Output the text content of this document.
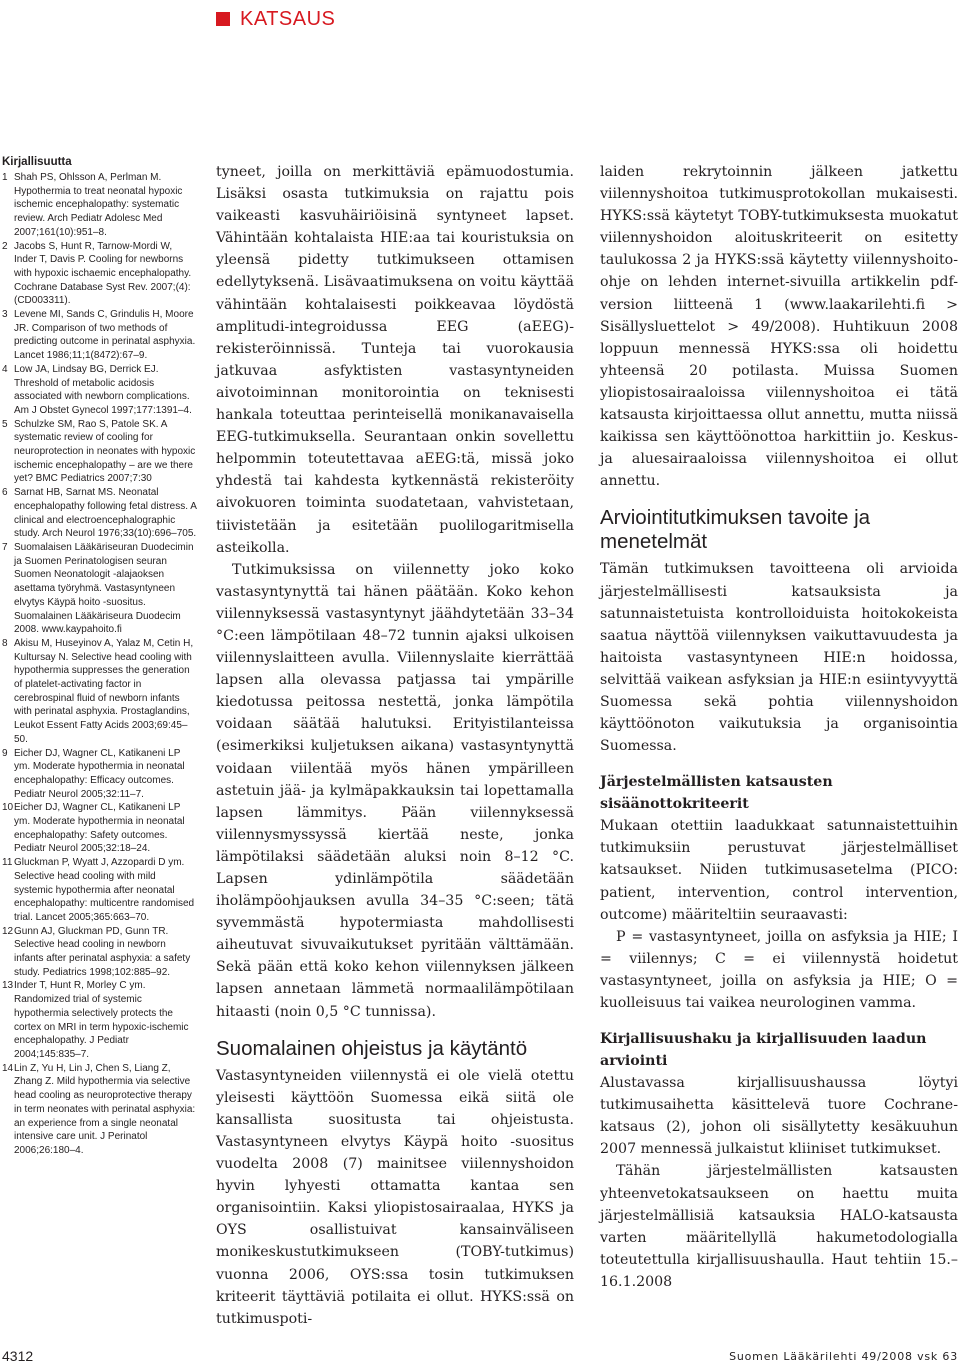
KATSAUS
Kirjallisuutta
1 Shah PS, Ohlsson A, Perlman M. Hypothermia to treat neonatal hypoxic ischemic encephalopathy: systematic review. Arch Pediatr Adolesc Med 2007;161(10):951–8.
2 Jacobs S, Hunt R, Tarnow-Mordi W, Inder T, Davis P. Cooling for newborns with hypoxic ischaemic encephalopathy. Cochrane Database Syst Rev. 2007;(4):(CD003311).
3 Levene MI, Sands C, Grindulis H, Moore JR. Comparison of two methods of predicting outcome in perinatal asphyxia. Lancet 1986;11;1(8472):67–9.
4 Low JA, Lindsay BG, Derrick EJ. Threshold of metabolic acidosis associated with newborn complications. Am J Obstet Gynecol 1997;177:1391–4.
5 Schulzke SM, Rao S, Patole SK. A systematic review of cooling for neuroprotection in neonates with hypoxic ischemic encephalopathy – are we there yet? BMC Pediatrics 2007;7:30
6 Sarnat HB, Sarnat MS. Neonatal encephalopathy following fetal distress. A clinical and electroencephalographic study. Arch Neurol 1976;33(10):696–705.
7 Suomalaisen Lääkäriseuran Duodecimin ja Suomen Perinatologisen seuran Suomen Neonatologit -alajaoksen asettama työryhmä. Vastasyntyneen elvytys Käypä hoito -suositus. Suomalainen Lääkäriseura Duodecim 2008. www.kaypahoito.fi
8 Akisu M, Huseyinov A, Yalaz M, Cetin H, Kultursay N. Selective head cooling with hypothermia suppresses the generation of platelet-activating factor in cerebrospinal fluid of newborn infants with perinatal asphyxia. Prostaglandins, Leukot Essent Fatty Acids 2003;69:45–50.
9 Eicher DJ, Wagner CL, Katikaneni LP ym. Moderate hypothermia in neonatal encephalopathy: Efficacy outcomes. Pediatr Neurol 2005;32:11–7.
10 Eicher DJ, Wagner CL, Katikaneni LP ym. Moderate hypothermia in neonatal encephalopathy: Safety outcomes. Pediatr Neurol 2005;32:18–24.
11 Gluckman P, Wyatt J, Azzopardi D ym. Selective head cooling with mild systemic hypothermia after neonatal encephalopathy: multicentre randomised trial. Lancet 2005;365:663–70.
12 Gunn AJ, Gluckman PD, Gunn TR. Selective head cooling in newborn infants after perinatal asphyxia: a safety study. Pediatrics 1998;102:885–92.
13 Inder T, Hunt R, Morley C ym. Randomized trial of systemic hypothermia selectively protects the cortex on MRI in term hypoxic-ischemic encephalopathy. J Pediatr 2004;145:835–7.
14 Lin Z, Yu H, Lin J, Chen S, Liang Z, Zhang Z. Mild hypothermia via selective head cooling as neuroprotective therapy in term neonates with perinatal asphyxia: an experience from a single neonatal intensive care unit. J Perinatol 2006;26:180–4.

tyneet, joilla on merkittäviä epämuodostumia. Lisäksi osasta tutkimuksia on rajattu pois vaikeasti kasvuhäiriöisinä syntyneet lapset. Vähintään kohtalaista HIE:aa tai kouristuksia on yleensä pidetty tutkimukseen ottamisen edellytyksenä. Lisävaatimuksena on voitu käyttää vähintään kohtalaisesti poikkeavaa löydöstä amplitudi-integroidussa EEG (aEEG)-rekisteröinnissä. Tunteja tai vuorokausia jatkuvaa asfyktisten vastasyntyneiden aivotoiminnan monitorointia on teknisesti hankala toteuttaa perinteisellä monikanavaisella EEG-tutkimuksella. Seurantaan onkin sovellettu helpommin toteutettavaa aEEG:tä, missä joko yhdestä tai kahdesta kytkennästä rekisteröity aivokuoren toiminta suodatetaan, vahvistetaan, tiivistetään ja esitetään puolilogaritmisella asteikolla.

Tutkimuksissa on viilennetty joko koko vastasyntynyttä tai hänen päätään. Koko kehon viilennyksessä vastasyntynyt jäähdytetään 33–34 °C:een lämpötilaan 48–72 tunnin ajaksi ulkoisen viilennyslaitteen avulla. Viilennyslaite kierrättää lapsen alla olevassa patjassa tai ympärille kiedotussa peitossa nestettä, jonka lämpötila voidaan säätää halutuksi. Erityistilanteissa (esimerkiksi kuljetuksen aikana) vastasyntynyttä voidaan viilentää myös hänen ympärilleen astetuin jää- ja kylmäpakkauksin tai lopettamalla lapsen lämmitys. Pään viilennyksessä viilennysmyssyssä kiertää neste, jonka lämpötilaksi säädetään aluksi noin 8–12 °C. Lapsen ydinlämpötila säädetään iholämpöohjauksen avulla 34–35 °C:seen; tätä syvemmästä hypotermiasta mahdollisesti aiheutuvat sivuvaikutukset pyritään välttämään. Sekä pään että koko kehon viilennyksen jälkeen lapsen annetaan lämmetä normaalilämpötilaan hitaasti (noin 0,5 °C tunnissa).

Suomalainen ohjeistus ja käytäntö

Vastasyntyneiden viilennystä ei ole vielä otettu yleisesti käyttöön Suomessa eikä siitä ole kansallista suositusta tai ohjeistusta. Vastasyntyneen elvytys Käypä hoito -suositus vuodelta 2008 (7) mainitsee viilennyshoidon hyvin lyhyesti ottamatta kantaa sen organisointiin. Kaksi yliopistosairaalaa, HYKS ja OYS osallistuivat kansainväliseen monikeskustutkimukseen (TOBY-tutkimus) vuonna 2006, OYS:ssa tosin tutkimuksen kriteerit täyttäviä potilaita ei ollut. HYKS:ssä on tutkimuspoti-

laiden rekrytoinnin jälkeen jatkettu viilennyshoitoa tutkimusprotokollan mukaisesti. HYKS:ssä käytetyt TOBY-tutkimuksesta muokatut viilennyshoidon aloituskriteerit on esitetty taulukossa 2 ja HYKS:ssä käytetty viilennyshoito-ohje on lehden internet-sivuilla artikkelin pdf-version liitteenä 1 (www.laakarilehti.fi > Sisällysluettelot > 49/2008). Huhtikuun 2008 loppuun mennessä HYKS:ssa oli hoidettu yhteensä 20 potilasta. Muissa Suomen yliopistosairaaloissa viilennyshoitoa ei tätä katsausta kirjoittaessa ollut annettu, mutta niissä kaikissa sen käyttöönottoa harkittiin jo. Keskus- ja aluesairaaloissa viilennyshoitoa ei ollut annettu.

Arviointitutkimuksen tavoite ja menetelmät

Tämän tutkimuksen tavoitteena oli arvioida järjestelmällisesti katsauksista ja satunnaistetuista kontrolloiduista hoitokokeista saatua näyttöä viilennyksen vaikuttavuudesta ja haitoista vastasyntyneen HIE:n hoidossa, selvittää vaikean asfyksian ja HIE:n esiintyvyyttä Suomessa sekä pohtia viilennyshoidon käyttöönoton vaikutuksia ja organisointia Suomessa.

Järjestelmällisten katsausten sisäänottokriteerit

Mukaan otettiin laadukkaat satunnaistettuihin tutkimuksiin perustuvat järjestelmälliset katsaukset. Niiden tutkimusasetelma (PICO: patient, intervention, control intervention, outcome) määriteltiin seuraavasti:

P = vastasyntyneet, joilla on asfyksia ja HIE; I = viilennys; C = ei viilennystä hoidetut vastasyntyneet, joilla on asfyksia ja HIE; O = kuolleisuus tai vaikea neurologinen vamma.

Kirjallisuushaku ja kirjallisuuden laadun arviointi

Alustavassa kirjallisuushaussa löytyi tutkimusaihetta käsittelevä tuore Cochrane-katsaus (2), johon oli sisällytetty kesäkuuhun 2007 mennessä julkaistut kliiniset tutkimukset.

Tähän järjestelmällisten katsausten yhteenvetokatsaukseen on haettu muita järjestelmällisiä katsauksia HALO-katsausta varten määritellyllä hakumetodologialla toteutettulla kirjallisuushaulla. Haut tehtiin 15.–16.1.2008

4312	Suomen Lääkärilehti 49/2008 vsk 63
